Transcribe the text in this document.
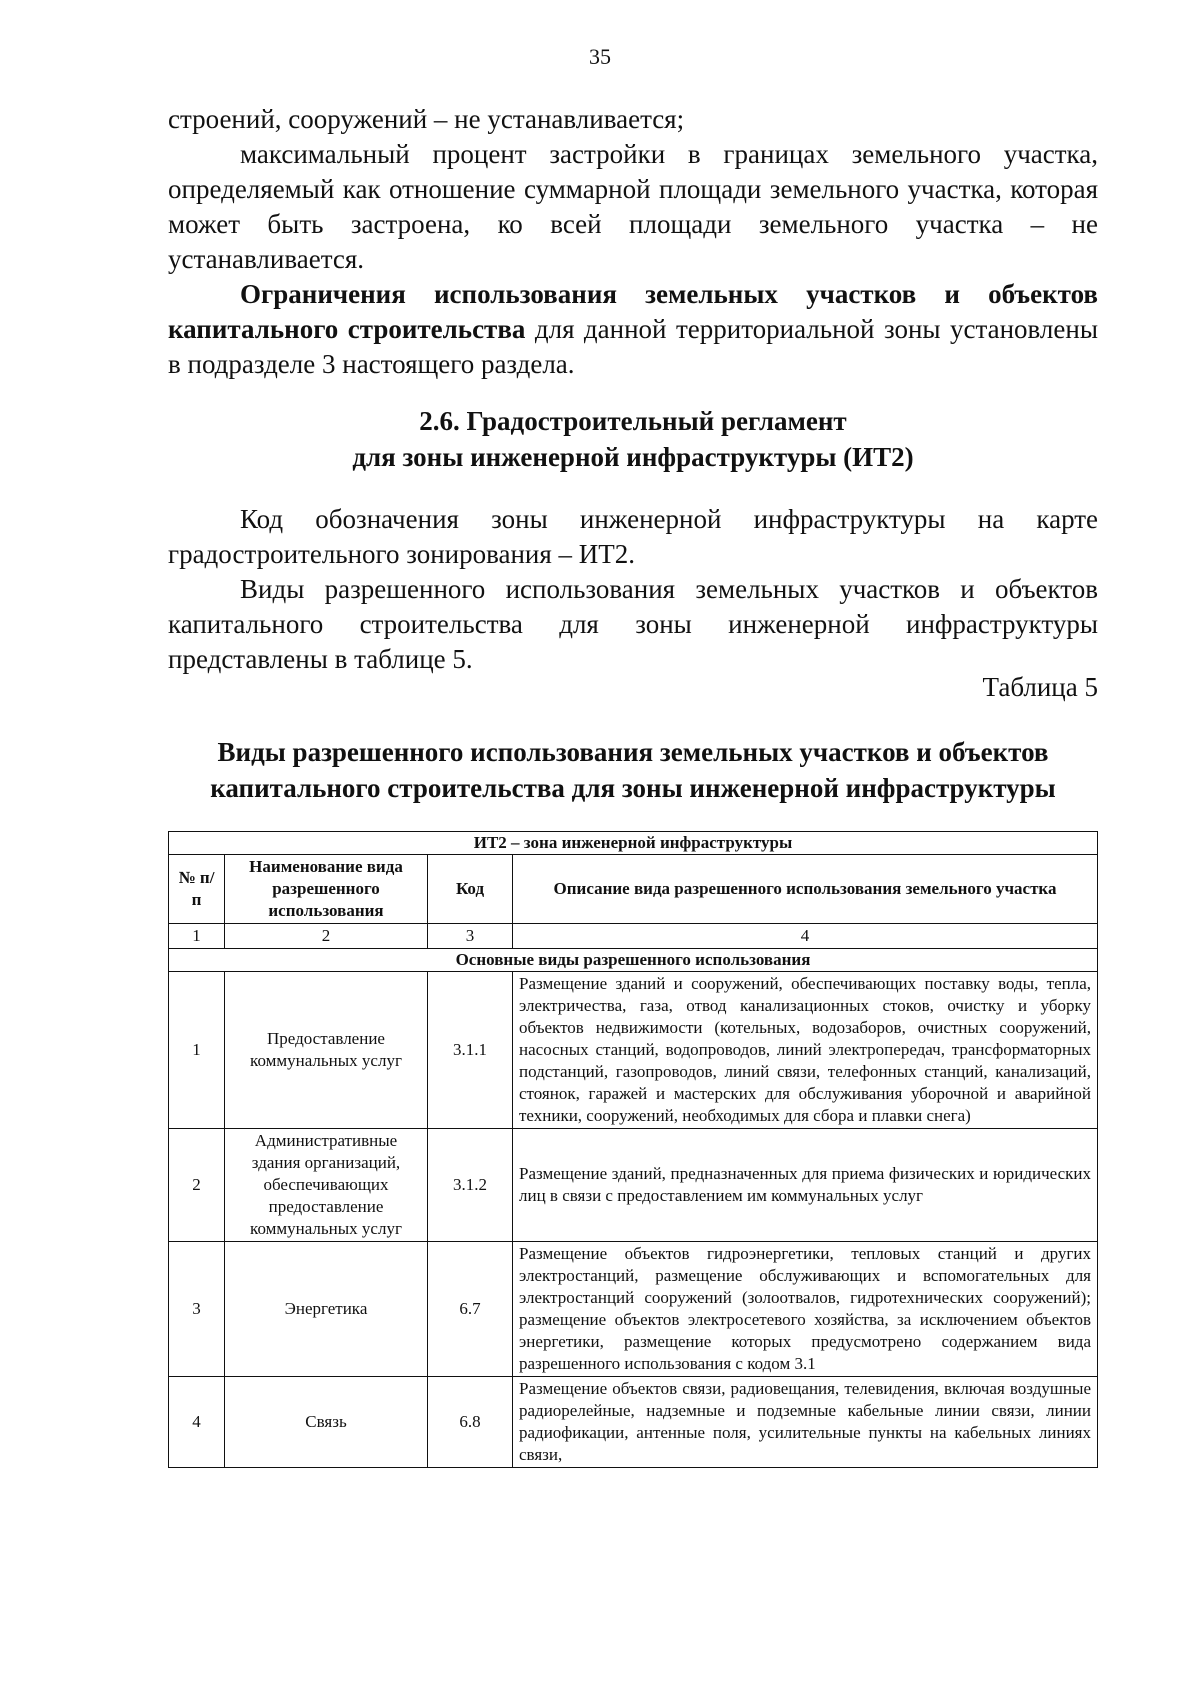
35
строений, сооружений – не устанавливается;
максимальный процент застройки в границах земельного участка, определяемый как отношение суммарной площади земельного участка, которая может быть застроена, ко всей площади земельного участка – не устанавливается.
Ограничения использования земельных участков и объектов капитального строительства для данной территориальной зоны установлены в подразделе 3 настоящего раздела.
2.6. Градостроительный регламент
для зоны инженерной инфраструктуры (ИТ2)
Код обозначения зоны инженерной инфраструктуры на карте градостроительного зонирования – ИТ2.
Виды разрешенного использования земельных участков и объектов капитального строительства для зоны инженерной инфраструктуры представлены в таблице 5.
Таблица 5
Виды разрешенного использования земельных участков и объектов
капитального строительства для зоны инженерной инфраструктуры
ИТ2 – зона инженерной инфраструктуры			
№ п/п	Наименование вида разрешенного использования	Код	Описание вида разрешенного использования земельного участка
1	2	3	4
Основные виды разрешенного использования			
1	Предоставление коммунальных услуг	3.1.1	Размещение зданий и сооружений, обеспечивающих поставку воды, тепла, электричества, газа, отвод канализационных стоков, очистку и уборку объектов недвижимости (котельных, водозаборов, очистных сооружений, насосных станций, водопроводов, линий электропередач, трансформаторных подстанций, газопроводов, линий связи, телефонных станций, канализаций, стоянок, гаражей и мастерских для обслуживания уборочной и аварийной техники, сооружений, необходимых для сбора и плавки снега)
2	Административные здания организаций, обеспечивающих предоставление коммунальных услуг	3.1.2	Размещение зданий, предназначенных для приема физических и юридических лиц в связи с предоставлением им коммунальных услуг
3	Энергетика	6.7	Размещение объектов гидроэнергетики, тепловых станций и других электростанций, размещение обслуживающих и вспомогательных для электростанций сооружений (золоотвалов, гидротехнических сооружений); размещение объектов электросетевого хозяйства, за исключением объектов энергетики, размещение которых предусмотрено содержанием вида разрешенного использования с кодом 3.1
4	Связь	6.8	Размещение объектов связи, радиовещания, телевидения, включая воздушные радиорелейные, надземные и подземные кабельные линии связи, линии радиофикации, антенные поля, усилительные пункты на кабельных линиях связи,
